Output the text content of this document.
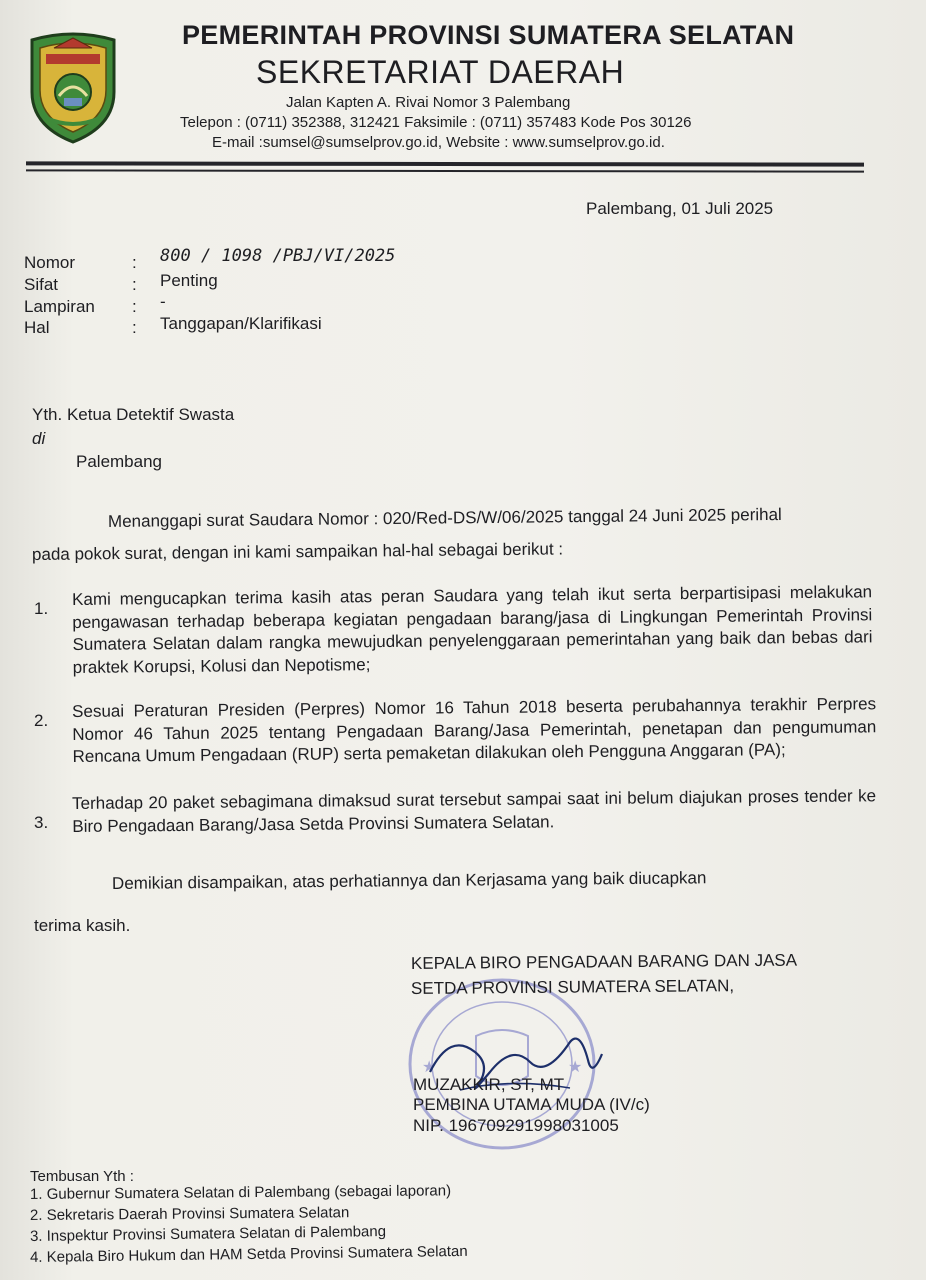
PEMERINTAH PROVINSI SUMATERA SELATAN
SEKRETARIAT DAERAH
Jalan Kapten A. Rivai Nomor 3 Palembang
Telepon : (0711) 352388, 312421 Faksimile : (0711) 357483 Kode Pos 30126
E-mail :sumsel@sumselprov.go.id, Website : www.sumselprov.go.id.
Palembang, 01 Juli 2025
Nomor	: 800 / 1098 /PBJ/VI/2025
Sifat	: Penting
Lampiran : -
Hal	: Tanggapan/Klarifikasi
Yth. Ketua Detektif Swasta
di
Palembang
Menanggapi surat Saudara Nomor : 020/Red-DS/W/06/2025 tanggal 24 Juni 2025 perihal
pada pokok surat, dengan ini kami sampaikan hal-hal sebagai berikut :
1. Kami mengucapkan terima kasih atas peran Saudara yang telah ikut serta berpartisipasi melakukan pengawasan terhadap beberapa kegiatan pengadaan barang/jasa di Lingkungan Pemerintah Provinsi Sumatera Selatan dalam rangka mewujudkan penyelenggaraan pemerintahan yang baik dan bebas dari praktek Korupsi, Kolusi dan Nepotisme;
2. Sesuai Peraturan Presiden (Perpres) Nomor 16 Tahun 2018 beserta perubahannya terakhir Perpres Nomor 46 Tahun 2025 tentang Pengadaan Barang/Jasa Pemerintah, penetapan dan pengumuman Rencana Umum Pengadaan (RUP) serta pemaketan dilakukan oleh Pengguna Anggaran (PA);
3.
Terhadap 20 paket sebagimana dimaksud surat tersebut sampai saat ini belum diajukan proses tender ke Biro Pengadaan Barang/Jasa Setda Provinsi Sumatera Selatan.
Demikian disampaikan, atas perhatiannya dan Kerjasama yang baik diucapkan
terima kasih.
★	★
KEPALA BIRO PENGADAAN BARANG DAN JASA
SETDA PROVINSI SUMATERA SELATAN,
MUZAKKIR, ST, MT
PEMBINA UTAMA MUDA (IV/c)
NIP. 196709291998031005
Tembusan Yth :
1. Gubernur Sumatera Selatan di Palembang (sebagai laporan)
2. Sekretaris Daerah Provinsi Sumatera Selatan
3. Inspektur Provinsi Sumatera Selatan di Palembang
4. Kepala Biro Hukum dan HAM Setda Provinsi Sumatera Selatan
